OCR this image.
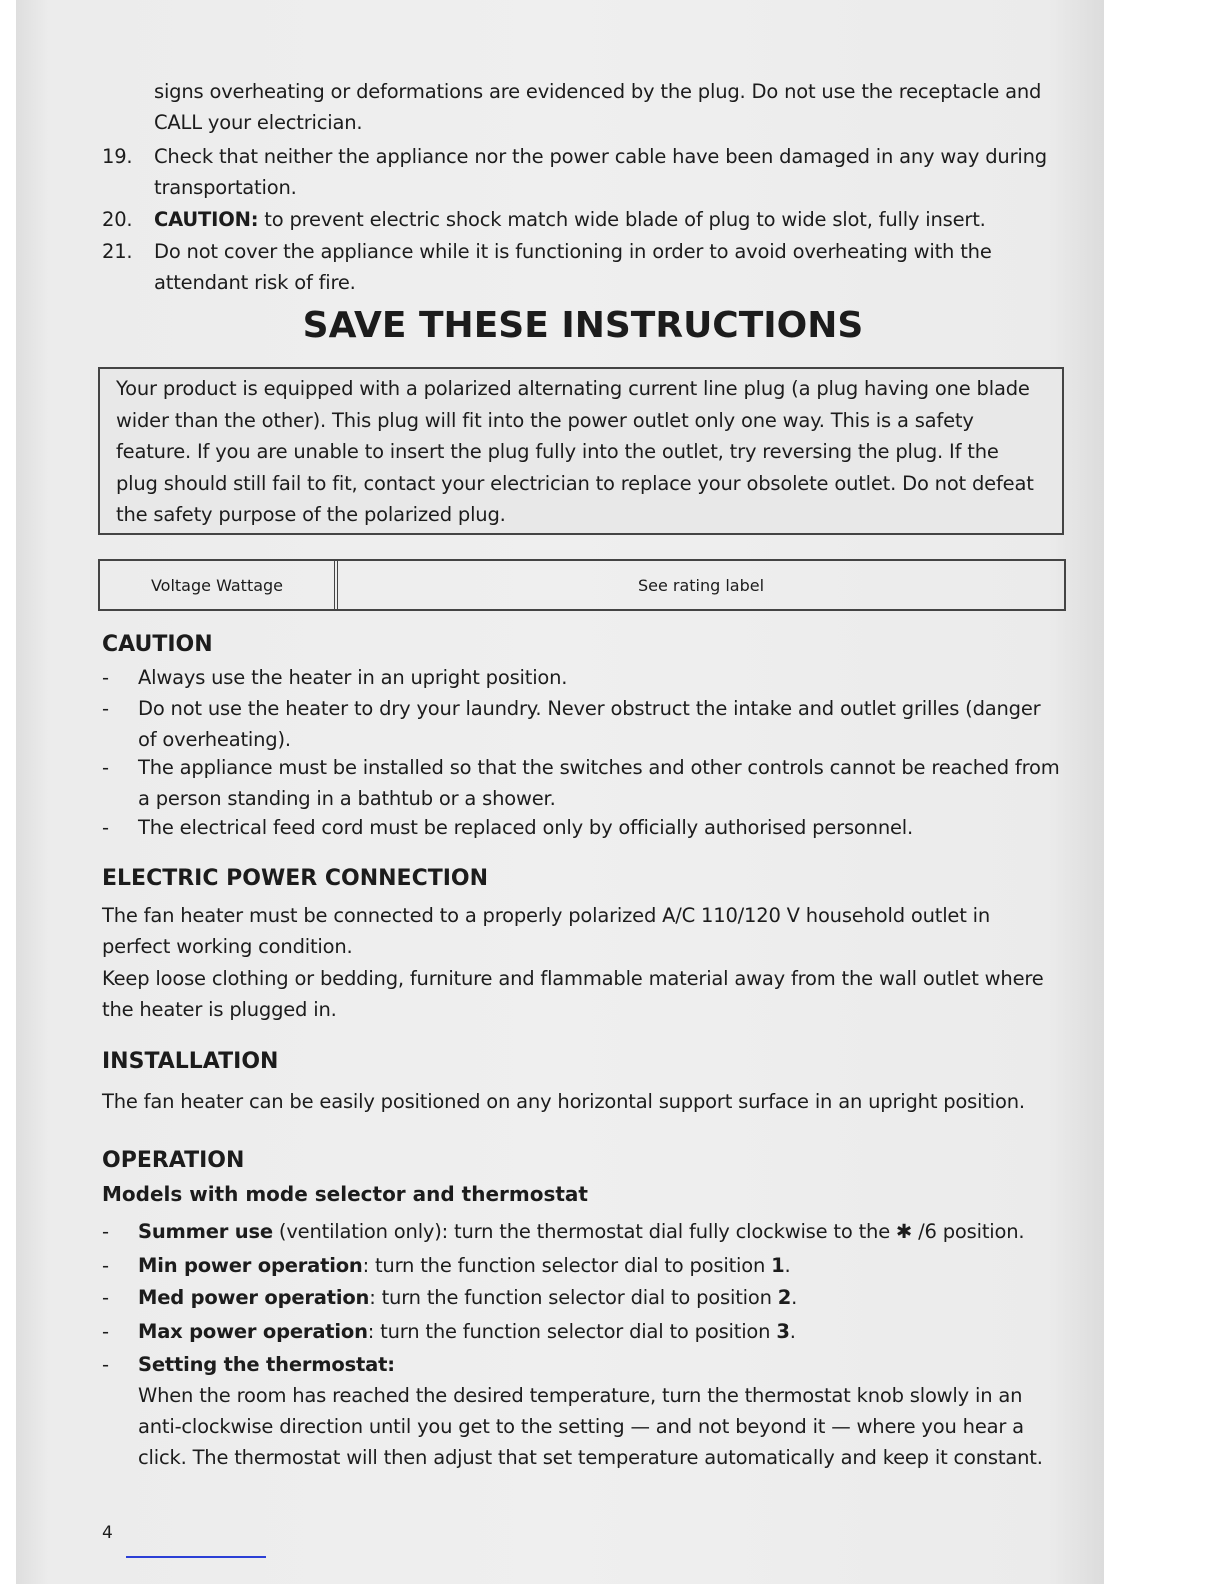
signs overheating or deformations are evidenced by the plug. Do not use the receptacle and CALL your electrician.

19. Check that neither the appliance nor the power cable have been damaged in any way during transportation.
20. CAUTION: to prevent electric shock match wide blade of plug to wide slot, fully insert.
21. Do not cover the appliance while it is functioning in order to avoid overheating with the attendant risk of fire.
SAVE THESE INSTRUCTIONS
Your product is equipped with a polarized alternating current line plug (a plug having one blade wider than the other). This plug will fit into the power outlet only one way. This is a safety feature. If you are unable to insert the plug fully into the outlet, try reversing the plug. If the plug should still fail to fit, contact your electrician to replace your obsolete outlet. Do not defeat the safety purpose of the polarized plug.
Voltage Wattage	See rating label
CAUTION
- Always use the heater in an upright position.
- Do not use the heater to dry your laundry. Never obstruct the intake and outlet grilles (danger of overheating).
- The appliance must be installed so that the switches and other controls cannot be reached from a person standing in a bathtub or a shower.
- The electrical feed cord must be replaced only by officially authorised personnel.
ELECTRIC POWER CONNECTION

The fan heater must be connected to a properly polarized A/C 110/120 V household outlet in perfect working condition.

Keep loose clothing or bedding, furniture and flammable material away from the wall outlet where the heater is plugged in.

INSTALLATION

The fan heater can be easily positioned on any horizontal support surface in an upright position.

OPERATION
Models with mode selector and thermostat
- Summer use (ventilation only): turn the thermostat dial fully clockwise to the ✱ /6 position.
- Min power operation: turn the function selector dial to position 1.
- Med power operation: turn the function selector dial to position 2.
- Max power operation: turn the function selector dial to position 3.
- Setting the thermostat:
When the room has reached the desired temperature, turn the thermostat knob slowly in an anti-clockwise direction until you get to the setting — and not beyond it — where you hear a click. The thermostat will then adjust that set temperature automatically and keep it constant.
4
